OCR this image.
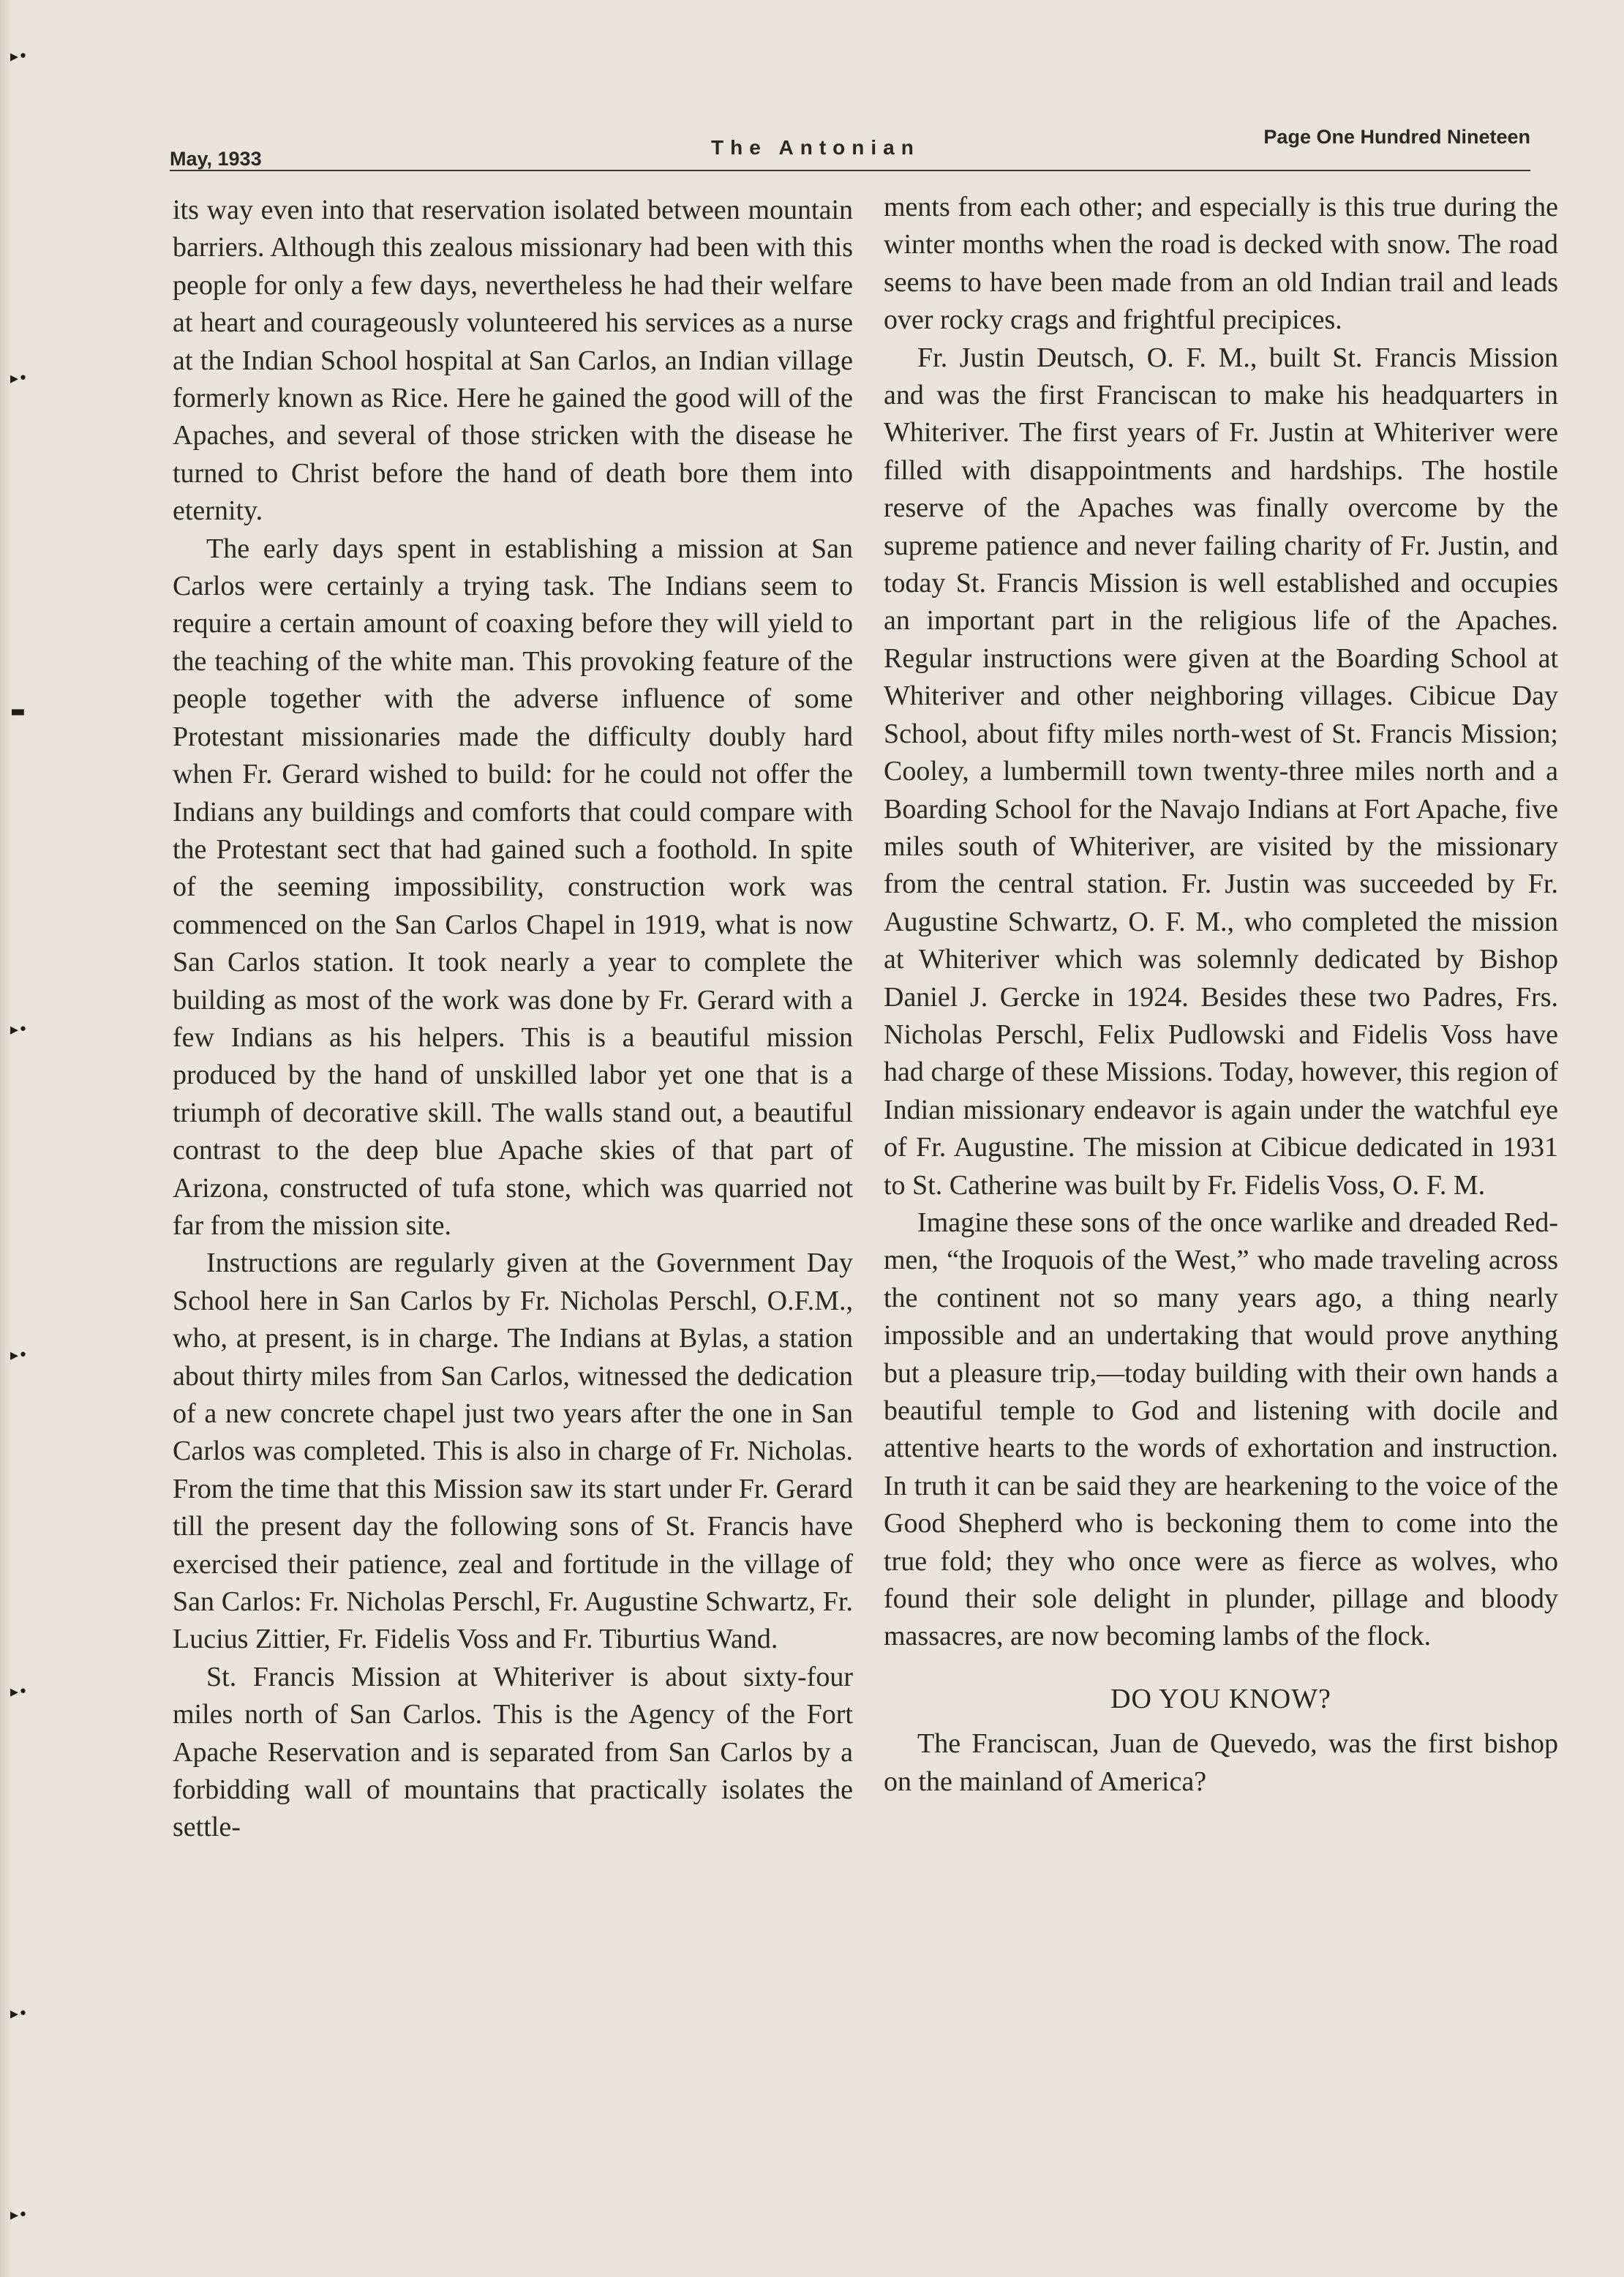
▸•
▸•
▬
▸•
▸•
▸•
▸•
▸•
May, 1933	The Antonian	Page One Hundred Nineteen

its way even into that reservation isolated between mountain barriers. Although this zealous missionary had been with this people for only a few days, nevertheless he had their welfare at heart and courageously volunteered his services as a nurse at the Indian School hospital at San Carlos, an Indian village formerly known as Rice. Here he gained the good will of the Apaches, and several of those stricken with the disease he turned to Christ before the hand of death bore them into eternity.

The early days spent in establishing a mission at San Carlos were certainly a trying task. The Indians seem to require a certain amount of coaxing before they will yield to the teaching of the white man. This provoking feature of the people together with the adverse influence of some Protestant missionaries made the difficulty doubly hard when Fr. Gerard wished to build: for he could not offer the Indians any buildings and comforts that could compare with the Protestant sect that had gained such a foothold. In spite of the seeming impossibility, construction work was commenced on the San Carlos Chapel in 1919, what is now San Carlos station. It took nearly a year to complete the building as most of the work was done by Fr. Gerard with a few Indians as his helpers. This is a beautiful mission produced by the hand of unskilled labor yet one that is a triumph of decorative skill. The walls stand out, a beautiful contrast to the deep blue Apache skies of that part of Arizona, constructed of tufa stone, which was quarried not far from the mission site.

Instructions are regularly given at the Government Day School here in San Carlos by Fr. Nicholas Perschl, O.F.M., who, at present, is in charge. The Indians at Bylas, a station about thirty miles from San Carlos, witnessed the dedication of a new concrete chapel just two years after the one in San Carlos was completed. This is also in charge of Fr. Nicholas. From the time that this Mission saw its start under Fr. Gerard till the present day the following sons of St. Francis have exercised their patience, zeal and fortitude in the village of San Carlos: Fr. Nicholas Perschl, Fr. Augustine Schwartz, Fr. Lucius Zittier, Fr. Fidelis Voss and Fr. Tiburtius Wand.

St. Francis Mission at Whiteriver is about sixty-four miles north of San Carlos. This is the Agency of the Fort Apache Reservation and is separated from San Carlos by a forbidding wall of mountains that practically isolates the settle-

ments from each other; and especially is this true during the winter months when the road is decked with snow. The road seems to have been made from an old Indian trail and leads over rocky crags and frightful precipices.

Fr. Justin Deutsch, O. F. M., built St. Francis Mission and was the first Franciscan to make his headquarters in Whiteriver. The first years of Fr. Justin at Whiteriver were filled with disappointments and hardships. The hostile reserve of the Apaches was finally overcome by the supreme patience and never failing charity of Fr. Justin, and today St. Francis Mission is well established and occupies an important part in the religious life of the Apaches. Regular instructions were given at the Boarding School at Whiteriver and other neighboring villages. Cibicue Day School, about fifty miles north-west of St. Francis Mission; Cooley, a lumbermill town twenty-three miles north and a Boarding School for the Navajo Indians at Fort Apache, five miles south of Whiteriver, are visited by the missionary from the central station. Fr. Justin was succeeded by Fr. Augustine Schwartz, O. F. M., who completed the mission at Whiteriver which was solemnly dedicated by Bishop Daniel J. Gercke in 1924. Besides these two Padres, Frs. Nicholas Perschl, Felix Pudlowski and Fidelis Voss have had charge of these Missions. Today, however, this region of Indian missionary endeavor is again under the watchful eye of Fr. Augustine. The mission at Cibicue dedicated in 1931 to St. Catherine was built by Fr. Fidelis Voss, O. F. M.

Imagine these sons of the once warlike and dreaded Red-men, “the Iroquois of the West,” who made traveling across the continent not so many years ago, a thing nearly impossible and an undertaking that would prove anything but a pleasure trip,—today building with their own hands a beautiful temple to God and listening with docile and attentive hearts to the words of exhortation and instruction. In truth it can be said they are hearkening to the voice of the Good Shepherd who is beckoning them to come into the true fold; they who once were as fierce as wolves, who found their sole delight in plunder, pillage and bloody massacres, are now becoming lambs of the flock.

DO YOU KNOW?

The Franciscan, Juan de Quevedo, was the first bishop on the mainland of America?
